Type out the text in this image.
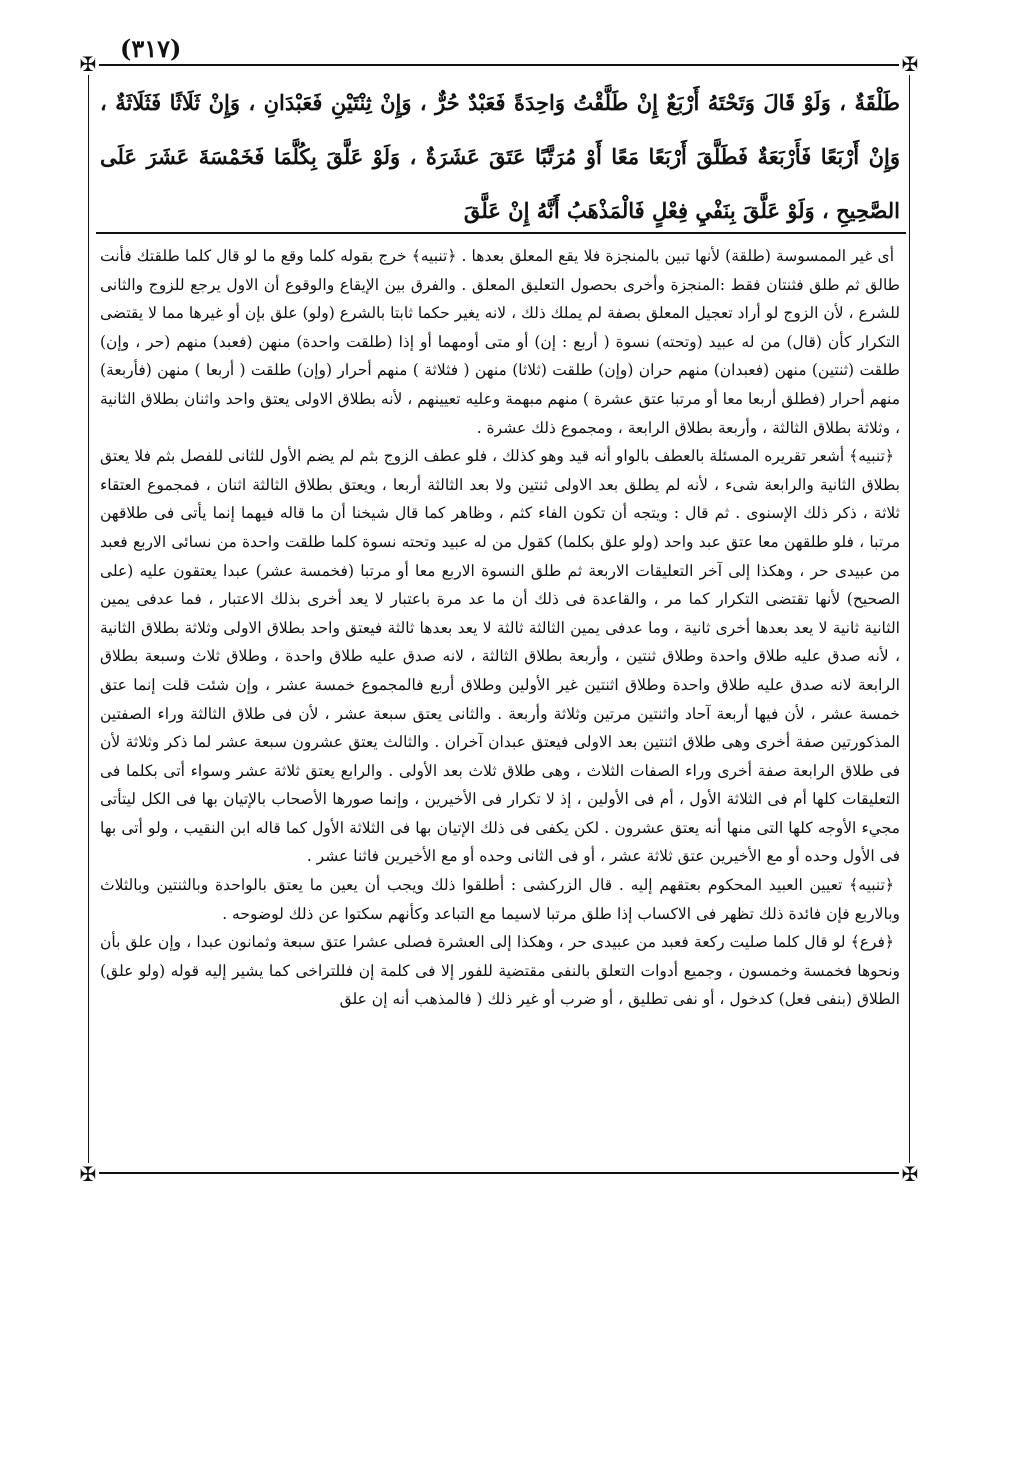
(٣١٧)
✠	✠
✠	✠

طَلْقَةٌ ، وَلَوْ قَالَ وَتَحْتَهُ أَرْبَعٌ إِنْ طَلَّقْتُ وَاحِدَةً فَعَبْدٌ حُرٌّ ، وَإِنْ ثِنْتَيْنِ فَعَبْدَانِ ، وَإِنْ ثَلَاثًا فَثَلَاثَةٌ ، وَإِنْ أَرْبَعًا فَأَرْبَعَةٌ فَطَلَّقَ أَرْبَعًا مَعًا أَوْ مُرَتَّبًا عَتَقَ عَشَرَةٌ ، وَلَوْ عَلَّقَ بِكُلَّمَا فَخَمْسَةَ عَشَرَ عَلَى الصَّحِيحِ ، وَلَوْ عَلَّقَ بِنَفْيِ فِعْلٍ فَالْمَذْهَبُ أَنَّهُ إِنْ عَلَّقَ

أى غير الممسوسة (طلقة) لأنها تبين بالمنجزة فلا يقع المعلق بعدها . ﴿تنبيه﴾ خرج بقوله كلما وقع ما لو قال كلما طلقتك فأنت طالق ثم طلق فثنتان فقط :المنجزة وأخرى بحصول التعليق المعلق . والفرق بين الإيقاع والوقوع أن الاول يرجع للزوج والثانى للشرع ، لأن الزوج لو أراد تعجيل المعلق بصفة لم يملك ذلك ، لانه يغير حكما ثابتا بالشرع (ولو) علق بإن أو غيرها مما لا يقتضى التكرار كأن (قال) من له عبيد (وتحته) نسوة ( أربع : إن) أو متى أومهما أو إذا (طلقت واحدة) منهن (فعبد) منهم (حر ، وإن) طلقت (ثنتين) منهن (فعبدان) منهم حران (وإن) طلقت (ثلاثا) منهن ( فثلاثة ) منهم أحرار (وإن) طلقت ( أربعا ) منهن (فأربعة) منهم أحرار (فطلق أربعا معا أو مرتبا عتق عشرة ) منهم مبهمة وعليه تعيينهم ، لأنه بطلاق الاولى يعتق واحد واثنان بطلاق الثانية ، وثلاثة بطلاق الثالثة ، وأربعة بطلاق الرابعة ، ومجموع ذلك عشرة .

﴿تنبيه﴾ أشعر تقريره المسئلة بالعطف بالواو أنه قيد وهو كذلك ، فلو عطف الزوج بثم لم يضم الأول للثانى للفصل بثم فلا يعتق بطلاق الثانية والرابعة شىء ، لأنه لم يطلق بعد الاولى ثنتين ولا بعد الثالثة أربعا ، ويعتق بطلاق الثالثة اثنان ، فمجموع العتقاء ثلاثة ، ذكر ذلك الإسنوى . ثم قال : ويتجه أن تكون الفاء كثم ، وظاهر كما قال شيخنا أن ما قاله فيهما إنما يأتى فى طلاقهن مرتبا ، فلو طلقهن معا عتق عبد واحد (ولو علق بكلما) كقول من له عبيد وتحته نسوة كلما طلقت واحدة من نسائى الاربع فعبد من عبيدى حر ، وهكذا إلى آخر التعليقات الاربعة ثم طلق النسوة الاربع معا أو مرتبا (فخمسة عشر) عبدا يعتقون عليه (على الصحيح) لأنها تقتضى التكرار كما مر ، والقاعدة فى ذلك أن ما عد مرة باعتبار لا يعد أخرى بذلك الاعتبار ، فما عدفى يمين الثانية ثانية لا يعد بعدها أخرى ثانية ، وما عدفى يمين الثالثة ثالثة لا يعد بعدها ثالثة فيعتق واحد بطلاق الاولى وثلاثة بطلاق الثانية ، لأنه صدق عليه طلاق واحدة وطلاق ثنتين ، وأربعة بطلاق الثالثة ، لانه صدق عليه طلاق واحدة ، وطلاق ثلاث وسبعة بطلاق الرابعة لانه صدق عليه طلاق واحدة وطلاق اثنتين غير الأولين وطلاق أربع فالمجموع خمسة عشر ، وإن شئت قلت إنما عتق خمسة عشر ، لأن فيها أربعة آحاد واثنتين مرتين وثلاثة وأربعة . والثانى يعتق سبعة عشر ، لأن فى طلاق الثالثة وراء الصفتين المذكورتين صفة أخرى وهى طلاق اثنتين بعد الاولى فيعتق عبدان آخران . والثالث يعتق عشرون سبعة عشر لما ذكر وثلاثة لأن فى طلاق الرابعة صفة أخرى وراء الصفات الثلاث ، وهى طلاق ثلاث بعد الأولى . والرابع يعتق ثلاثة عشر وسواء أتى بكلما فى التعليقات كلها أم فى الثلاثة الأول ، أم فى الأولين ، إذ لا تكرار فى الأخيرين ، وإنما صورها الأصحاب بالإتيان بها فى الكل ليتأتى مجيء الأوجه كلها التى منها أنه يعتق عشرون . لكن يكفى فى ذلك الإتيان بها فى الثلاثة الأول كما قاله ابن النقيب ، ولو أتى بها فى الأول وحده أو مع الأخيرين عتق ثلاثة عشر ، أو فى الثانى وحده أو مع الأخيرين فاثنا عشر .

﴿تنبيه﴾ تعيين العبيد المحكوم بعتقهم إليه . قال الزركشى : أطلقوا ذلك ويجب أن يعين ما يعتق بالواحدة وبالثنتين وبالثلاث وبالاربع فإن فائدة ذلك تظهر فى الاكساب إذا طلق مرتبا لاسيما مع التباعد وكأنهم سكتوا عن ذلك لوضوحه .

﴿فرع﴾ لو قال كلما صليت ركعة فعبد من عبيدى حر ، وهكذا إلى العشرة فصلى عشرا عتق سبعة وثمانون عبدا ، وإن علق بأن ونحوها فخمسة وخمسون ، وجميع أدوات التعلق بالنفى مقتضية للفور إلا فى كلمة إن فللتراخى كما يشير إليه قوله (ولو علق) الطلاق (بنفى فعل) كدخول ، أو نفى تطليق ، أو ضرب أو غير ذلك ( فالمذهب أنه إن علق
